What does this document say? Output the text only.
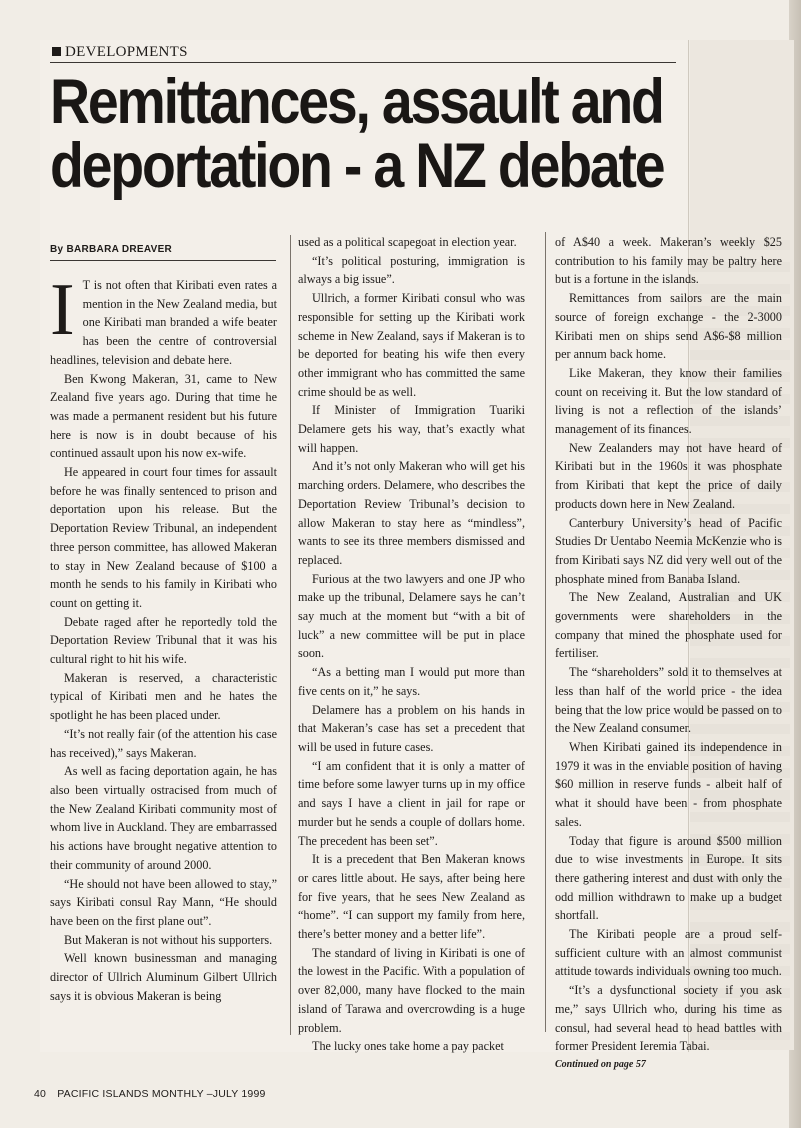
DEVELOPMENTS
Remittances, assault and
deportation - a NZ debate
By BARBARA DREAVER
I T is not often that Kiribati even rates a mention in the New Zealand media, but one Kiribati man branded a wife beater has been the centre of controversial headlines, television and debate here.

Ben Kwong Makeran, 31, came to New Zealand five years ago. During that time he was made a permanent resident but his future here is now is in doubt because of his continued assault upon his now ex-wife.

He appeared in court four times for assault before he was finally sentenced to prison and deportation upon his release. But the Deportation Review Tribunal, an independent three person committee, has allowed Makeran to stay in New Zealand because of $100 a month he sends to his family in Kiribati who count on getting it.

Debate raged after he reportedly told the Deportation Review Tribunal that it was his cultural right to hit his wife.

Makeran is reserved, a characteristic typical of Kiribati men and he hates the spotlight he has been placed under.

“It’s not really fair (of the attention his case has received),” says Makeran.

As well as facing deportation again, he has also been virtually ostracised from much of the New Zealand Kiribati community most of whom live in Auckland. They are embarrassed his actions have brought negative attention to their community of around 2000.

“He should not have been allowed to stay,” says Kiribati consul Ray Mann, “He should have been on the first plane out”.

But Makeran is not without his supporters.

Well known businessman and managing director of Ullrich Aluminum Gilbert Ullrich says it is obvious Makeran is being

used as a political scapegoat in election year.

“It’s political posturing, immigration is always a big issue”.

Ullrich, a former Kiribati consul who was responsible for setting up the Kiribati work scheme in New Zealand, says if Makeran is to be deported for beating his wife then every other immigrant who has committed the same crime should be as well.

If Minister of Immigration Tuariki Delamere gets his way, that’s exactly what will happen.

And it’s not only Makeran who will get his marching orders. Delamere, who describes the Deportation Review Tribunal’s decision to allow Makeran to stay here as “mindless”, wants to see its three members dismissed and replaced.

Furious at the two lawyers and one JP who make up the tribunal, Delamere says he can’t say much at the moment but “with a bit of luck” a new committee will be put in place soon.

“As a betting man I would put more than five cents on it,” he says.

Delamere has a problem on his hands in that Makeran’s case has set a precedent that will be used in future cases.

“I am confident that it is only a matter of time before some lawyer turns up in my office and says I have a client in jail for rape or murder but he sends a couple of dollars home. The precedent has been set”.

It is a precedent that Ben Makeran knows or cares little about. He says, after being here for five years, that he sees New Zealand as “home”. “I can support my family from here, there’s better money and a better life”.

The standard of living in Kiribati is one of the lowest in the Pacific. With a population of over 82,000, many have flocked to the main island of Tarawa and overcrowding is a huge problem.

The lucky ones take home a pay packet

of A$40 a week. Makeran’s weekly $25 contribution to his family may be paltry here but is a fortune in the islands.

Remittances from sailors are the main source of foreign exchange - the 2-3000 Kiribati men on ships send A$6-$8 million per annum back home.

Like Makeran, they know their families count on receiving it. But the low standard of living is not a reflection of the islands’ management of its finances.

New Zealanders may not have heard of Kiribati but in the 1960s it was phosphate from Kiribati that kept the price of daily products down here in New Zealand.

Canterbury University’s head of Pacific Studies Dr Uentabo Neemia McKenzie who is from Kiribati says NZ did very well out of the phosphate mined from Banaba Island.

The New Zealand, Australian and UK governments were shareholders in the company that mined the phosphate used for fertiliser.

The “shareholders” sold it to themselves at less than half of the world price - the idea being that the low price would be passed on to the New Zealand consumer.

When Kiribati gained its independence in 1979 it was in the enviable position of having $60 million in reserve funds - albeit half of what it should have been - from phosphate sales.

Today that figure is around $500 million due to wise investments in Europe. It sits there gathering interest and dust with only the odd million withdrawn to make up a budget shortfall.

The Kiribati people are a proud self-sufficient culture with an almost communist attitude towards individuals owning too much.

“It’s a dysfunctional society if you ask me,” says Ullrich who, during his time as consul, had several head to head battles with former President Ieremia Tabai.

Continued on page 57

40 PACIFIC ISLANDS MONTHLY –JULY 1999
